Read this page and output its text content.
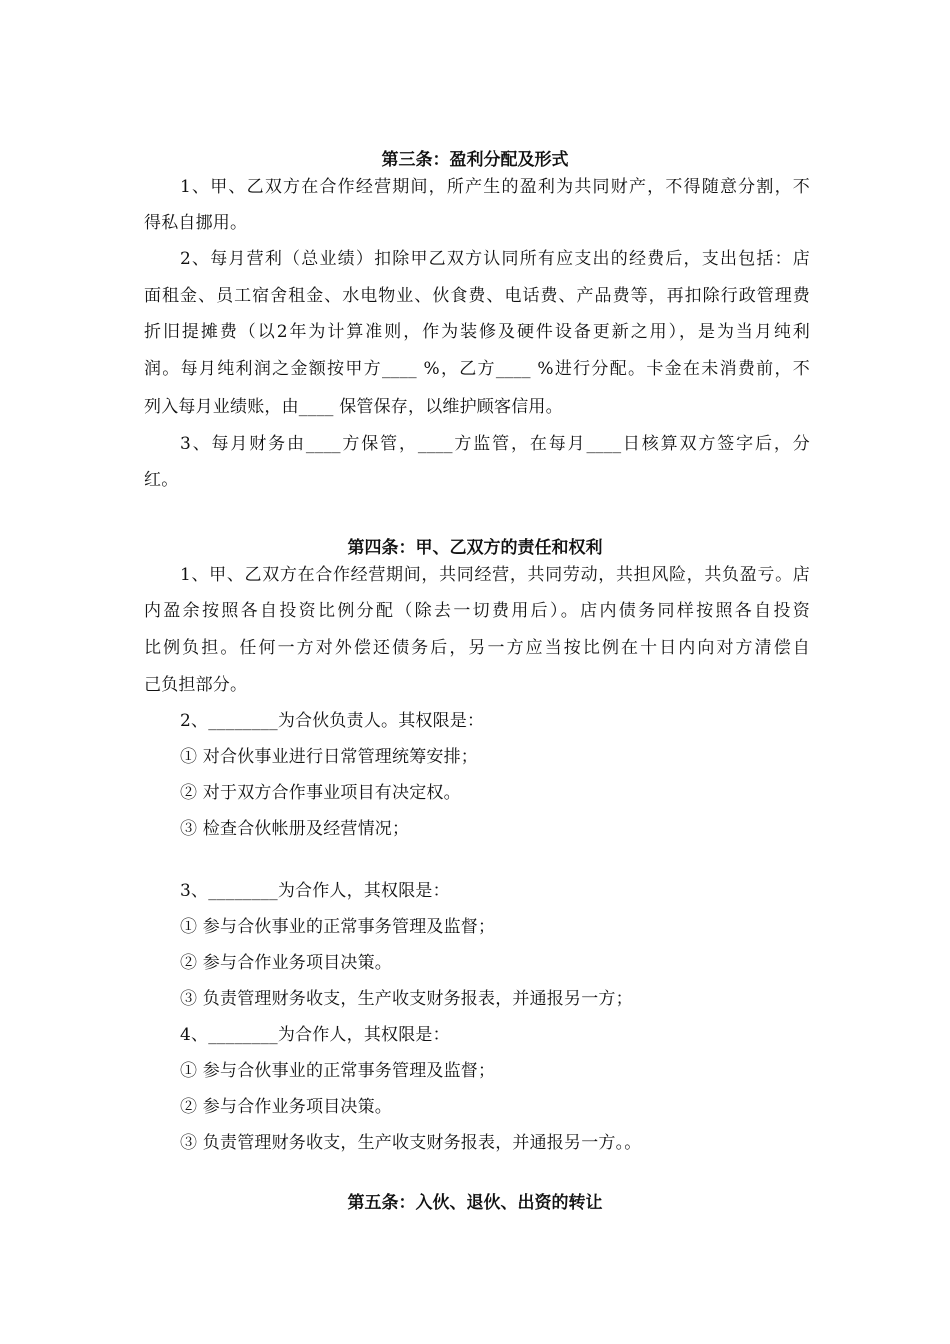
第三条：盈利分配及形式
1、甲、乙双方在合作经营期间，所产生的盈利为共同财产，不得随意分割，不
得私自挪用。
2、每月营利（总业绩）扣除甲乙双方认同所有应支出的经费后，支出包括：店
面租金、员工宿舍租金、水电物业、伙食费、电话费、产品费等，再扣除行政管理费
折旧提摊费（以2年为计算准则，作为装修及硬件设备更新之用），是为当月纯利
润。每月纯利润之金额按甲方____ %，乙方____ %进行分配。卡金在未消费前，不
列入每月业绩账，由____ 保管保存，以维护顾客信用。
3、每月财务由____方保管，____方监管，在每月____日核算双方签字后，分
红。
第四条：甲、乙双方的责任和权利
1、甲、乙双方在合作经营期间，共同经营，共同劳动，共担风险，共负盈亏。店
内盈余按照各自投资比例分配（除去一切费用后）。店内债务同样按照各自投资
比例负担。任何一方对外偿还债务后，另一方应当按比例在十日内向对方清偿自
己负担部分。
2、________为合伙负责人。其权限是：
① 对合伙事业进行日常管理统筹安排；
② 对于双方合作事业项目有决定权。
③ 检查合伙帐册及经营情况；
3、________为合作人，其权限是：
① 参与合伙事业的正常事务管理及监督；
② 参与合作业务项目决策。
③ 负责管理财务收支，生产收支财务报表，并通报另一方；
4、________为合作人，其权限是：
① 参与合伙事业的正常事务管理及监督；
② 参与合作业务项目决策。
③ 负责管理财务收支，生产收支财务报表，并通报另一方。。
第五条：入伙、退伙、出资的转让
